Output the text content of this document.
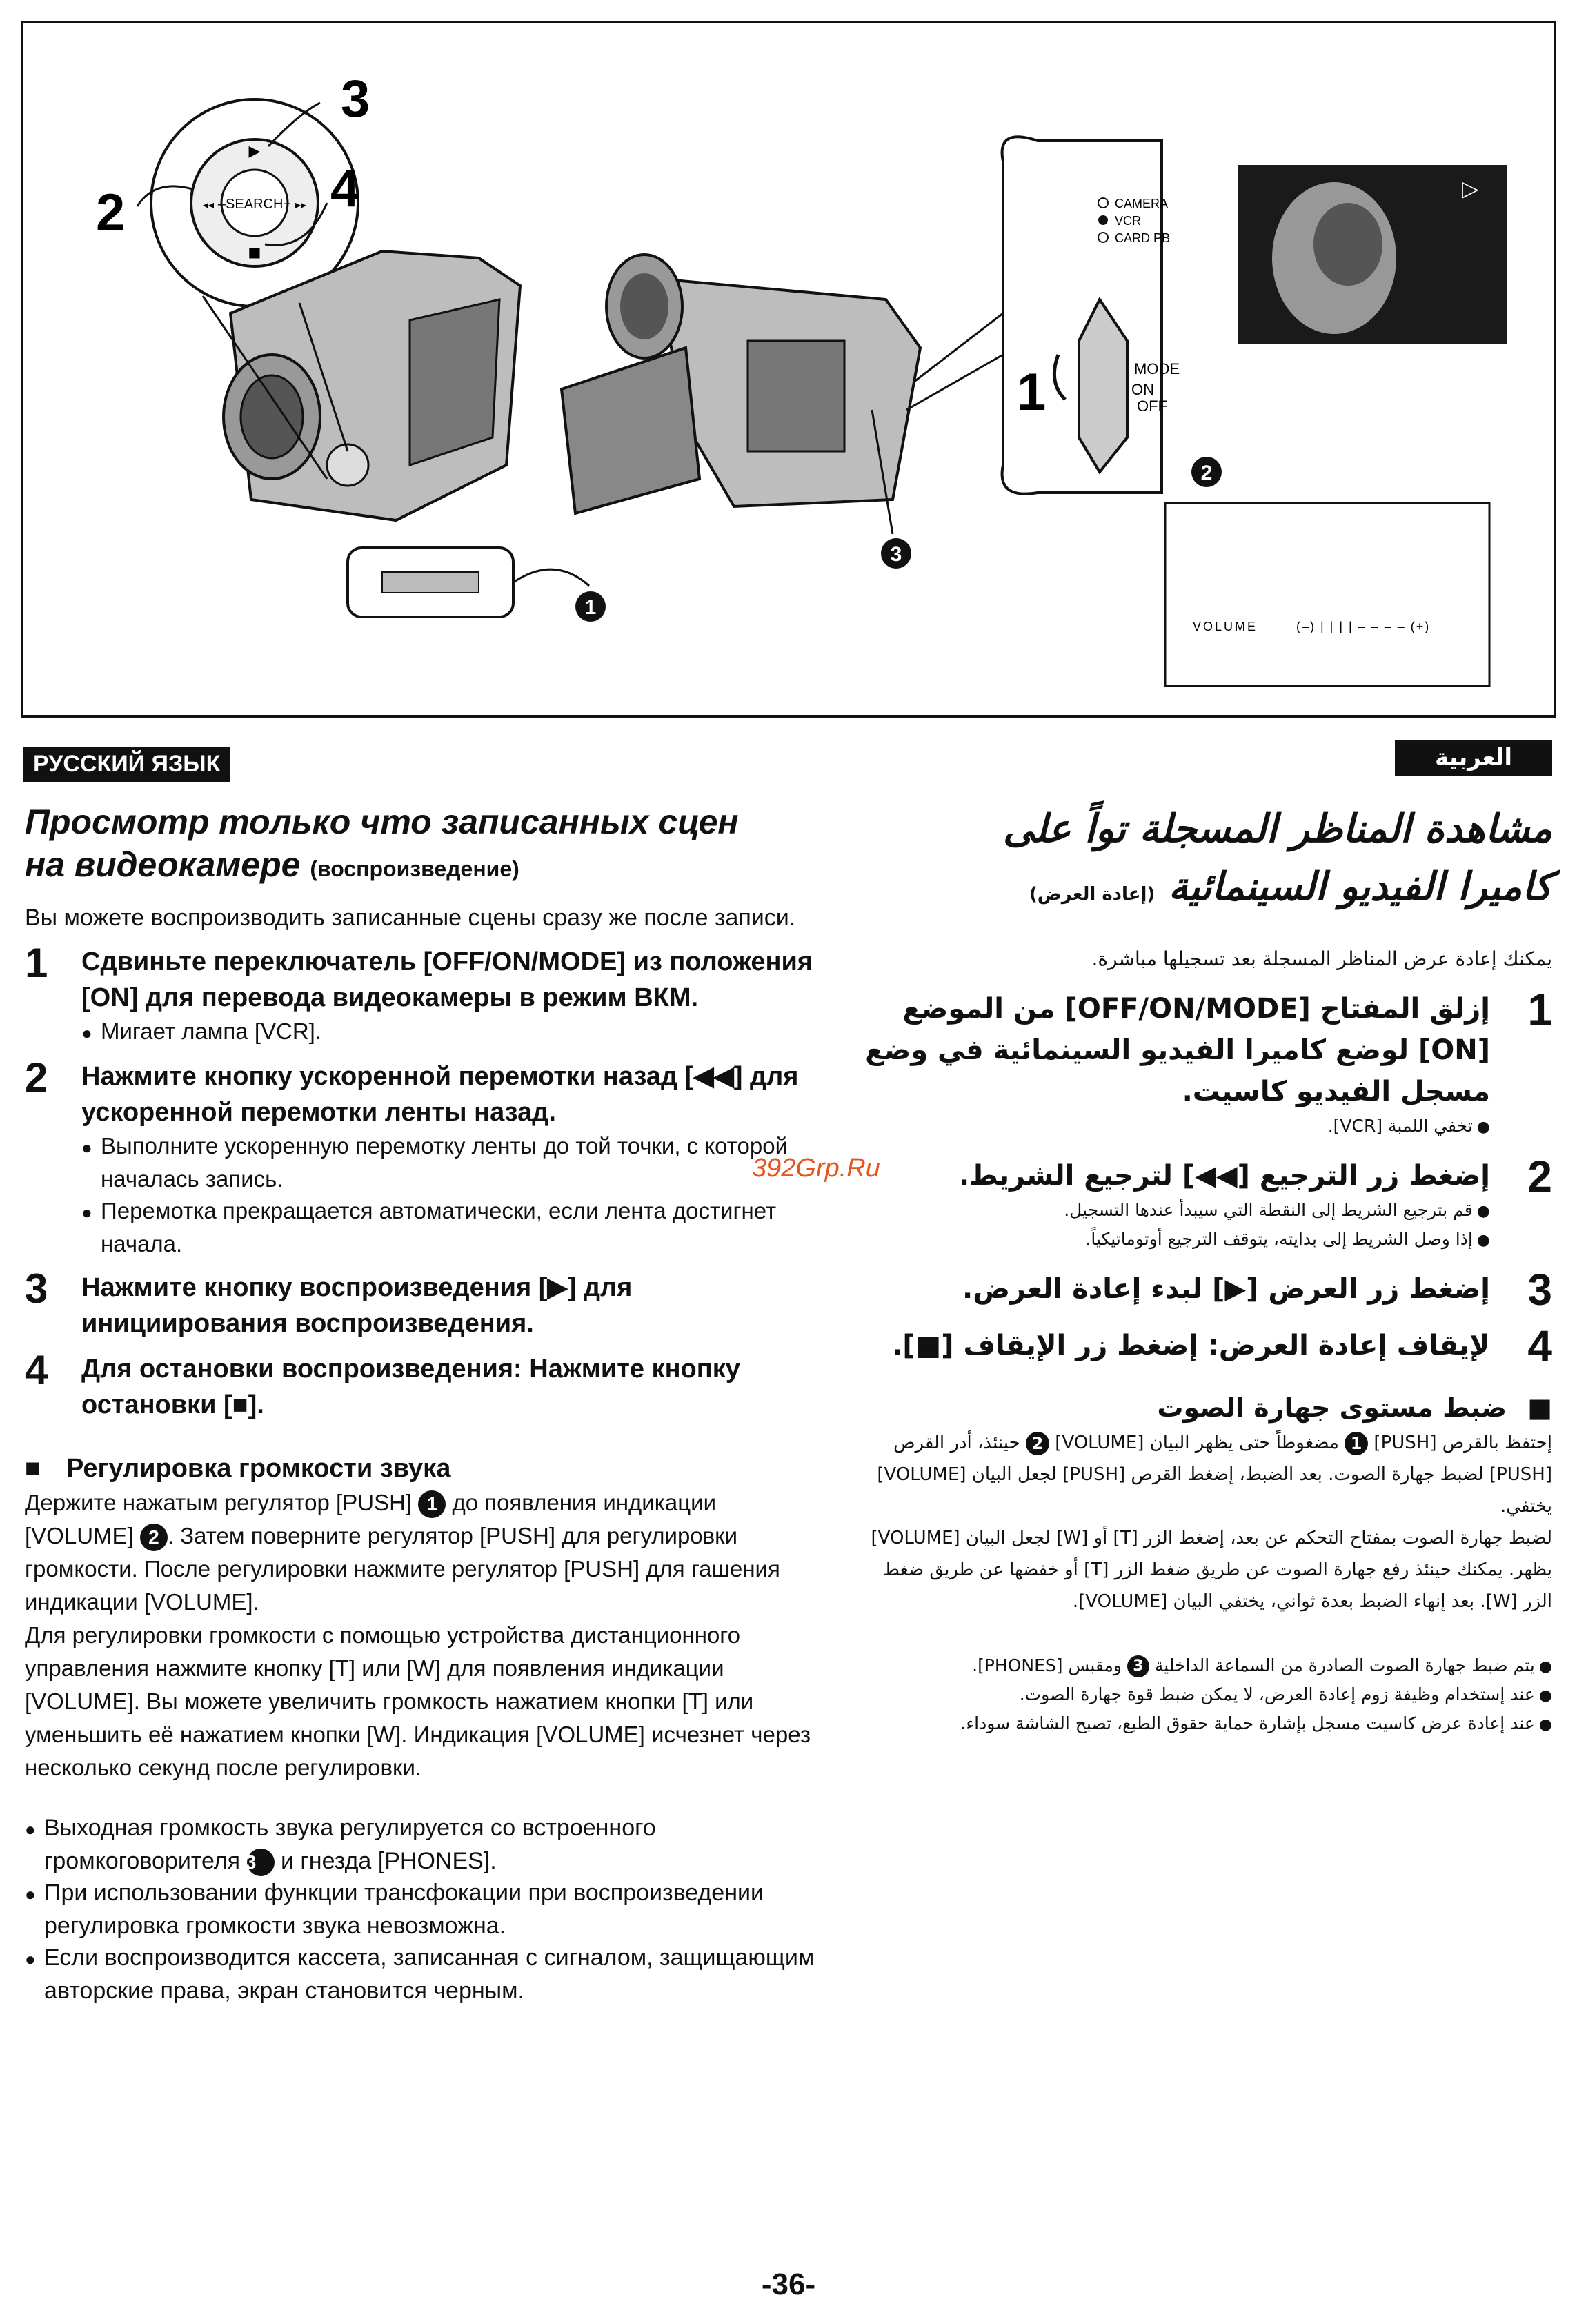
▶
–SEARCH+
◂◂	▸▸
■
3
2	4
1
3
CAMERA
VCR
CARD PB
1	MODE
ON
OFF
▷
2
VOLUME	(–) | | | | – – – – (+)
РУССКИЙ ЯЗЫК	العربية
Просмотр только что записанных сцен
на видеокамере (воспроизведение)

Вы можете воспроизводить записанные сцены сразу же после записи.

1	Сдвиньте переключатель [OFF/ON/MODE] из положения [ON] для перевода видеокамеры в режим ВКМ.
● Мигает лампа [VCR].
2	Нажмите кнопку ускоренной перемотки назад [◀◀] для ускоренной перемотки ленты назад.
● Выполните ускоренную перемотку ленты до той точки, с которой началась запись.
● Перемотка прекращается автоматически, если лента достигнет начала.
3	Нажмите кнопку воспроизведения [▶] для инициирования воспроизведения.
4	Для остановки воспроизведения: Нажмите кнопку остановки [■].
■ Регулировка громкости звука
Держите нажатым регулятор [PUSH] 1 до появления индикации [VOLUME] 2 . Затем поверните регулятор [PUSH] для регулировки громкости. После регулировки нажмите регулятор [PUSH] для гашения индикации [VOLUME].
Для регулировки громкости с помощью устройства дистанционного управления нажмите кнопку [T] или [W] для появления индикации [VOLUME]. Вы можете увеличить громкость нажатием кнопки [T] или уменьшить её нажатием кнопки [W]. Индикация [VOLUME] исчезнет через несколько секунд после регулировки.
● Выходная громкость звука регулируется со встроенного громкоговорителя 3 и гнезда [PHONES].
● При использовании функции трансфокации при воспроизведении регулировка громкости звука невозможна.
● Если воспроизводится кассета, записанная с сигналом, защищающим авторские права, экран становится черным.
392Grp.Ru
مشاهدة المناظر المسجلة تواً على
كاميرا الفيديو السينمائية (إعادة العرض)
يمكنك إعادة عرض المناظر المسجلة بعد تسجيلها مباشرة.
1
إزلق المفتاح [OFF/ON/MODE] من الموضع [ON] لوضع كاميرا الفيديو السينمائية في وضع مسجل الفيديو كاسيت.
● تخفي اللمبة [VCR].
2
إضغط زر الترجيع [◀◀] لترجيع الشريط.
● قم بترجيع الشريط إلى النقطة التي سيبدأ عندها التسجيل.
● إذا وصل الشريط إلى بدايته، يتوقف الترجيع أوتوماتيكياً.
3
إضغط زر العرض [▶] لبدء إعادة العرض.
4
لإيقاف إعادة العرض: إضغط زر الإيقاف [■].
■ ضبط مستوى جهارة الصوت
إحتفظ بالقرص [PUSH] 1 مضغوطاً حتى يظهر البيان [VOLUME] 2 حينئذ، أدر القرص [PUSH] لضبط جهارة الصوت. بعد الضبط، إضغط القرص [PUSH] لجعل البيان [VOLUME] يختفي.
لضبط جهارة الصوت بمفتاح التحكم عن بعد، إضغط الزر [T] أو [W] لجعل البيان [VOLUME] يظهر. يمكنك حينئذ رفع جهارة الصوت عن طريق ضغط الزر [T] أو خفضها عن طريق ضغط الزر [W]. بعد إنهاء الضبط بعدة ثواني، يختفي البيان [VOLUME].
● يتم ضبط جهارة الصوت الصادرة من السماعة الداخلية 3 ومقبس [PHONES].
● عند إستخدام وظيفة زوم إعادة العرض، لا يمكن ضبط قوة جهارة الصوت.
● عند إعادة عرض كاسيت مسجل بإشارة حماية حقوق الطبع، تصبح الشاشة سوداء.
-36-
